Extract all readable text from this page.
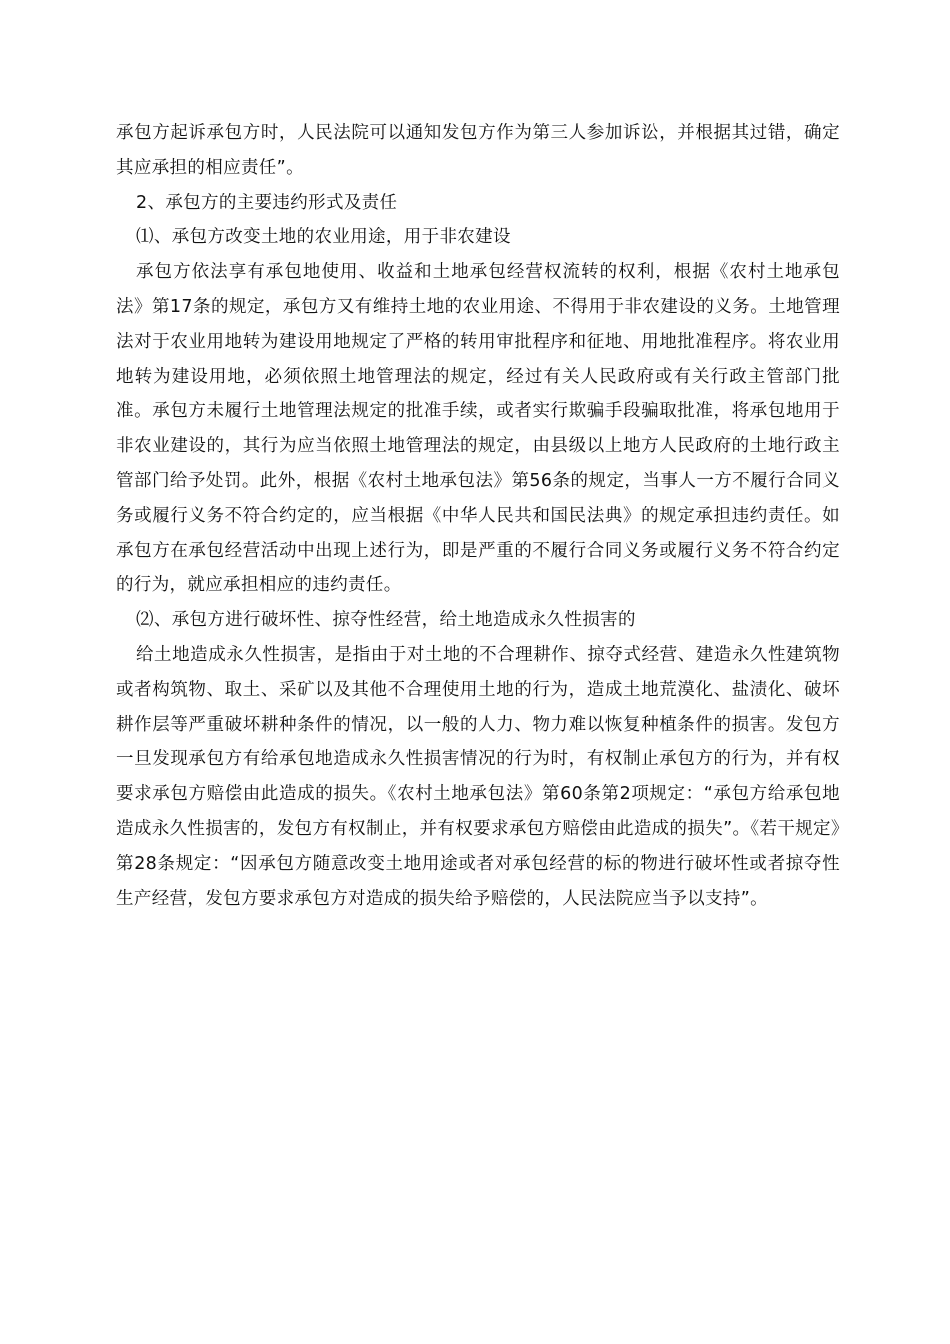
承包方起诉承包方时，人民法院可以通知发包方作为第三人参加诉讼，并根据其过错，确定其应承担的相应责任”。

2、承包方的主要违约形式及责任

⑴、承包方改变土地的农业用途，用于非农建设

承包方依法享有承包地使用、收益和土地承包经营权流转的权利，根据《农村土地承包法》第17条的规定，承包方又有维持土地的农业用途、不得用于非农建设的义务。土地管理法对于农业用地转为建设用地规定了严格的转用审批程序和征地、用地批准程序。将农业用地转为建设用地，必须依照土地管理法的规定，经过有关人民政府或有关行政主管部门批准。承包方未履行土地管理法规定的批准手续，或者实行欺骗手段骗取批准，将承包地用于非农业建设的，其行为应当依照土地管理法的规定，由县级以上地方人民政府的土地行政主管部门给予处罚。此外，根据《农村土地承包法》第56条的规定，当事人一方不履行合同义务或履行义务不符合约定的，应当根据《中华人民共和国民法典》的规定承担违约责任。如承包方在承包经营活动中出现上述行为，即是严重的不履行合同义务或履行义务不符合约定的行为，就应承担相应的违约责任。

⑵、承包方进行破坏性、掠夺性经营，给土地造成永久性损害的

给土地造成永久性损害，是指由于对土地的不合理耕作、掠夺式经营、建造永久性建筑物或者构筑物、取土、采矿以及其他不合理使用土地的行为，造成土地荒漠化、盐渍化、破坏耕作层等严重破坏耕种条件的情况，以一般的人力、物力难以恢复种植条件的损害。发包方一旦发现承包方有给承包地造成永久性损害情况的行为时，有权制止承包方的行为，并有权要求承包方赔偿由此造成的损失。《农村土地承包法》第60条第2项规定：“承包方给承包地造成永久性损害的，发包方有权制止，并有权要求承包方赔偿由此造成的损失”。《若干规定》第28条规定：“因承包方随意改变土地用途或者对承包经营的标的物进行破坏性或者掠夺性生产经营，发包方要求承包方对造成的损失给予赔偿的，人民法院应当予以支持”。
